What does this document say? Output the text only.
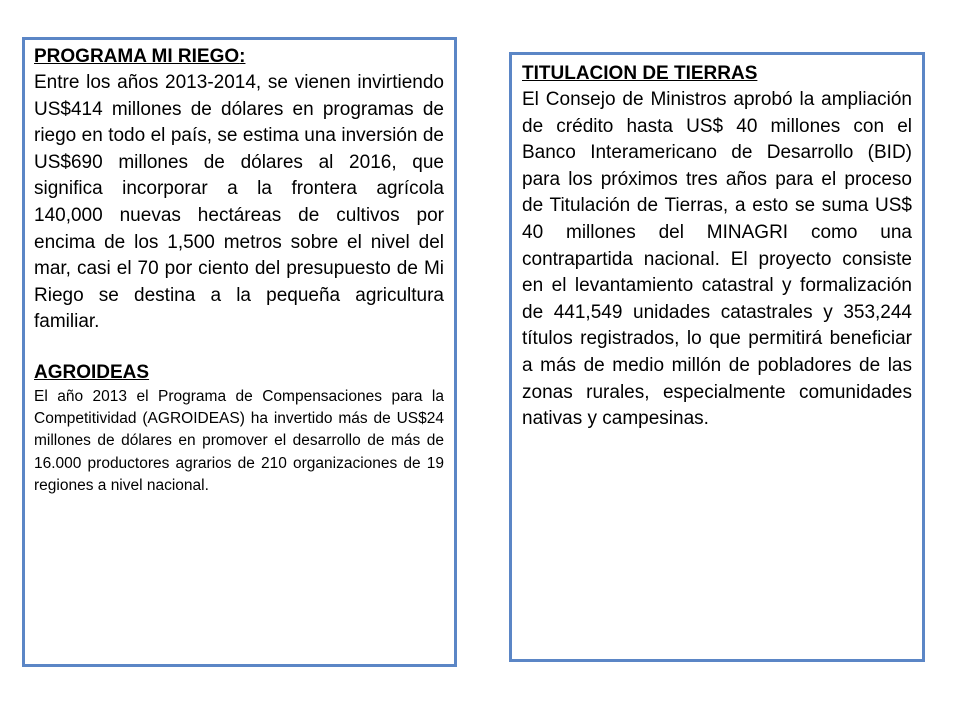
PROGRAMA MI RIEGO:

Entre los años 2013-2014, se vienen invirtiendo US$414 millones de dólares en programas de riego en todo el país, se estima una inversión de US$690 millones de dólares al 2016, que significa incorporar a la frontera agrícola 140,000 nuevas hectáreas de cultivos por encima de los 1,500 metros sobre el nivel del mar, casi el 70 por ciento del presupuesto de Mi Riego se destina a la pequeña agricultura familiar.

AGROIDEAS

El año 2013 el Programa de Compensaciones para la Competitividad (AGROIDEAS) ha invertido más de US$24 millones de dólares en promover el desarrollo de más de 16.000 productores agrarios de 210 organizaciones de 19 regiones a nivel nacional.

TITULACION DE TIERRAS

El Consejo de Ministros aprobó la ampliación de crédito hasta US$ 40 millones con el Banco Interamericano de Desarrollo (BID) para los próximos tres años para el proceso de Titulación de Tierras, a esto se suma US$ 40 millones del MINAGRI como una contrapartida nacional. El proyecto consiste en el levantamiento catastral y formalización de 441,549 unidades catastrales y 353,244 títulos registrados, lo que permitirá beneficiar a más de medio millón de pobladores de las zonas rurales, especialmente comunidades nativas y campesinas.
